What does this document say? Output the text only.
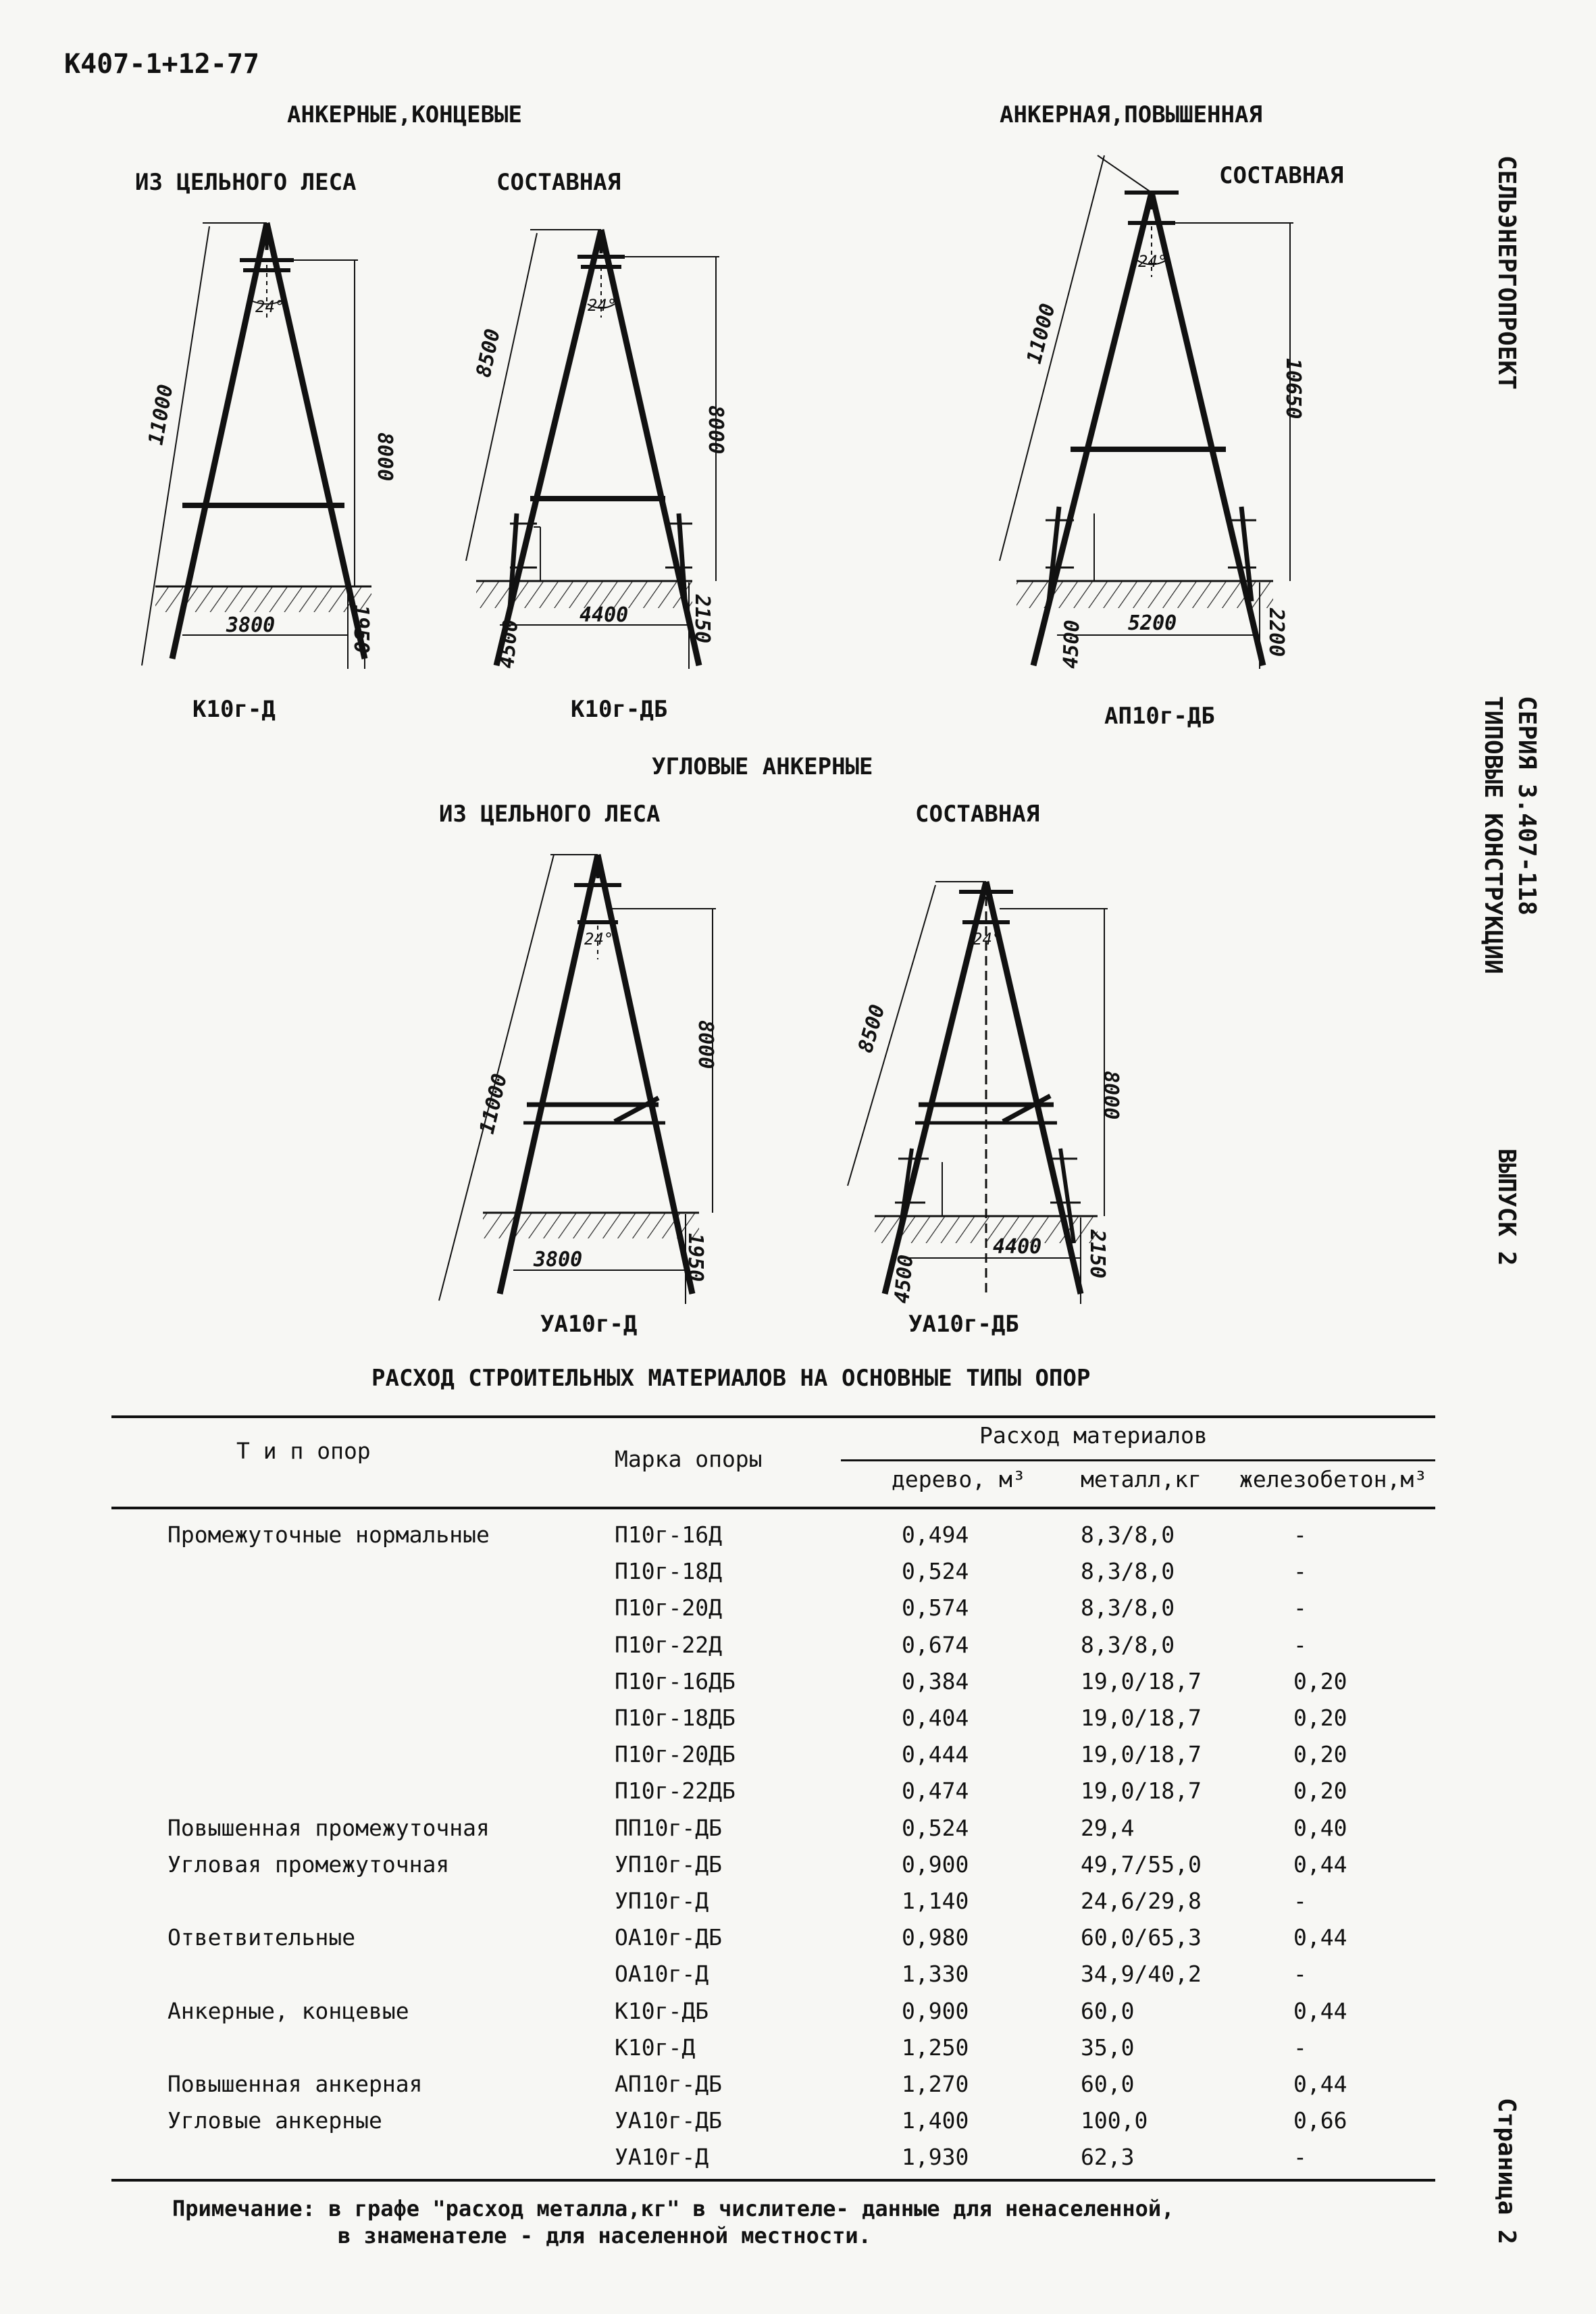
К407-1+12-77
АНКЕРНЫЕ,КОНЦЕВЫЕ	АНКЕРНАЯ,ПОВЫШЕННАЯ
УГЛОВЫЕ АНКЕРНЫЕ
ИЗ ЦЕЛЬНОГО ЛЕСА	СОСТАВНАЯ	СОСТАВНАЯ
ИЗ ЦЕЛЬНОГО ЛЕСА	СОСТАВНАЯ
К10г-Д	К10г-ДБ	АП10г-ДБ
УА10г-Д	УА10г-ДБ
11000
8000
3800	1950
24°
8500
8000
4500
4400	2150
24°	11000
10650
4500 5200	2200
24°
11000
8000
3800	1950
24°
8500
8000
4500
4400 2150
24°
СЕЛЬЭНЕРГОПРОЕКТ
ТИПОВЫЕ КОНСТРУКЦИИ СЕРИЯ 3.407-118
ВЫПУСК 2
Страница 2
РАСХОД СТРОИТЕЛЬНЫХ МАТЕРИАЛОВ НА ОСНОВНЫЕ ТИПЫ ОПОР
Т и п опор	Марка опоры
Расход материалов
дерево, м³ металл,кг железобетон,м³
Промежуточные нормальные	П10г-16Д	0,494	8,3/8,0	-
П10г-18Д	0,524	8,3/8,0	-
П10г-20Д	0,574	8,3/8,0	-
П10г-22Д	0,674	8,3/8,0	-
П10г-16ДБ	0,384	19,0/18,7	0,20
П10г-18ДБ	0,404	19,0/18,7	0,20
П10г-20ДБ	0,444	19,0/18,7	0,20
П10г-22ДБ	0,474	19,0/18,7	0,20
Повышенная промежуточная	ПП10г-ДБ	0,524	29,4	0,40
Угловая промежуточная	УП10г-ДБ	0,900	49,7/55,0	0,44
УП10г-Д	1,140	24,6/29,8	-
Ответвительные	ОА10г-ДБ	0,980	60,0/65,3	0,44
ОА10г-Д	1,330	34,9/40,2	-
Анкерные, концевые	К10г-ДБ	0,900	60,0	0,44
К10г-Д	1,250	35,0	-
Повышенная анкерная	АП10г-ДБ	1,270	60,0	0,44
Угловые анкерные	УА10г-ДБ	1,400	100,0	0,66
УА10г-Д	1,930	62,3	-
Примечание: в графе "расход металла,кг" в числителе- данные для ненаселенной,
в знаменателе - для населенной местности.
